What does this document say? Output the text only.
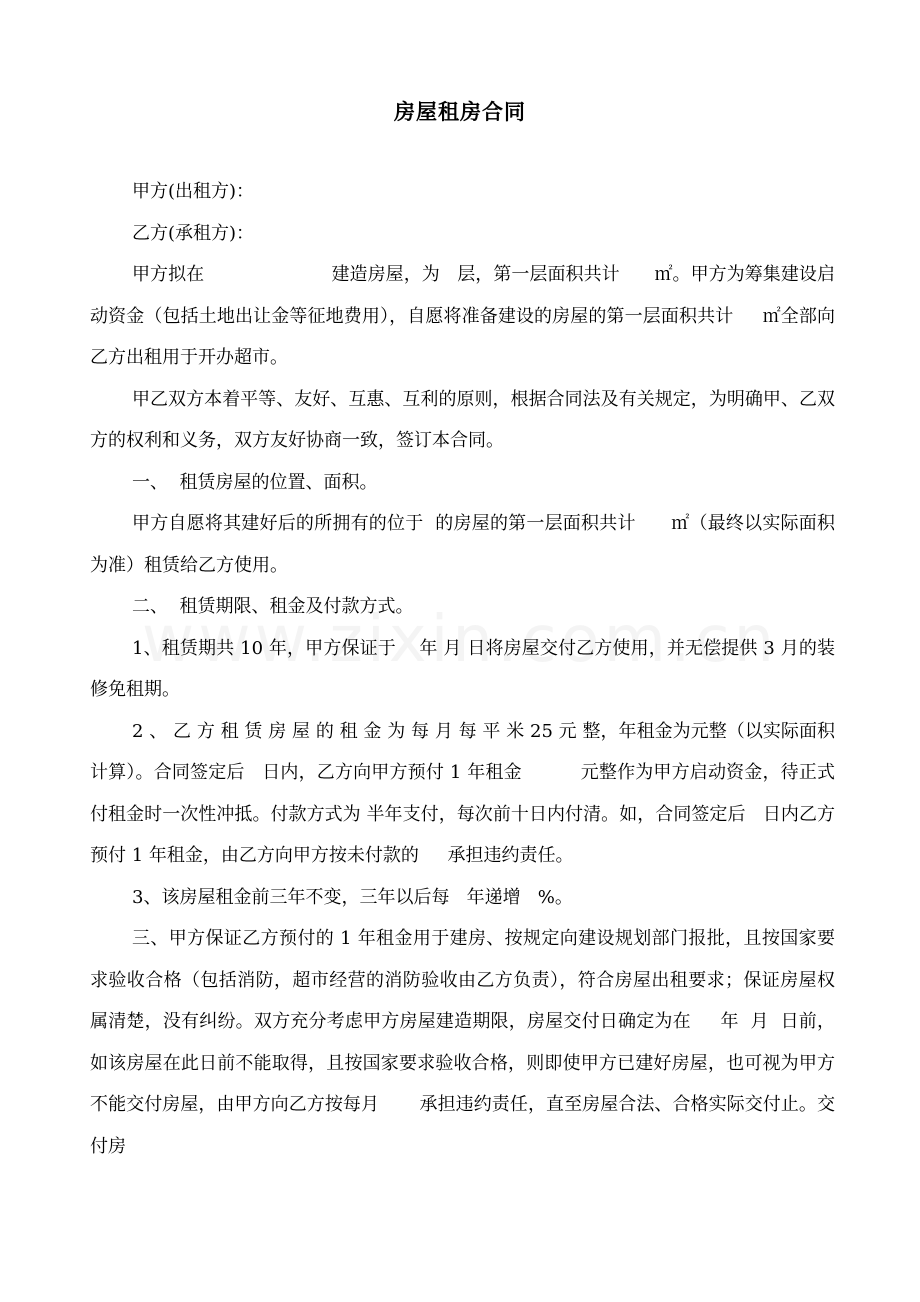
房屋租房合同

甲方(出租方)：

乙方(承租方)：

甲方拟在                      建造房屋，为   层，第一层面积共计      ㎡。甲方为筹集建设启动资金（包括土地出让金等征地费用），自愿将准备建设的房屋的第一层面积共计     ㎡全部向乙方出租用于开办超市。

甲乙双方本着平等、友好、互惠、互利的原则，根据合同法及有关规定，为明确甲、乙双方的权利和义务，双方友好协商一致，签订本合同。

一、  租赁房屋的位置、面积。

甲方自愿将其建好后的所拥有的位于  的房屋的第一层面积共计      ㎡（最终以实际面积为准）租赁给乙方使用。

二、  租赁期限、租金及付款方式。

1、租赁期共 10 年，甲方保证于    年 月 日将房屋交付乙方使用，并无偿提供 3 月的装修免租期。

2 、 乙 方 租 赁 房 屋 的 租 金 为 每 月 每 平 米 25 元 整，年租金为元整（以实际面积计算）。合同签定后   日内，乙方向甲方预付 1 年租金          元整作为甲方启动资金，待正式付租金时一次性冲抵。付款方式为 半年支付，每次前十日内付清。如，合同签定后   日内乙方预付 1 年租金，由乙方向甲方按未付款的     承担违约责任。

3、该房屋租金前三年不变，三年以后每   年递增   %。

三、甲方保证乙方预付的 1 年租金用于建房、按规定向建设规划部门报批，且按国家要求验收合格（包括消防，超市经营的消防验收由乙方负责），符合房屋出租要求；保证房屋权属清楚，没有纠纷。双方充分考虑甲方房屋建造期限，房屋交付日确定为在     年  月  日前，如该房屋在此日前不能取得，且按国家要求验收合格，则即使甲方已建好房屋，也可视为甲方不能交付房屋，由甲方向乙方按每月       承担违约责任，直至房屋合法、合格实际交付止。交付房
